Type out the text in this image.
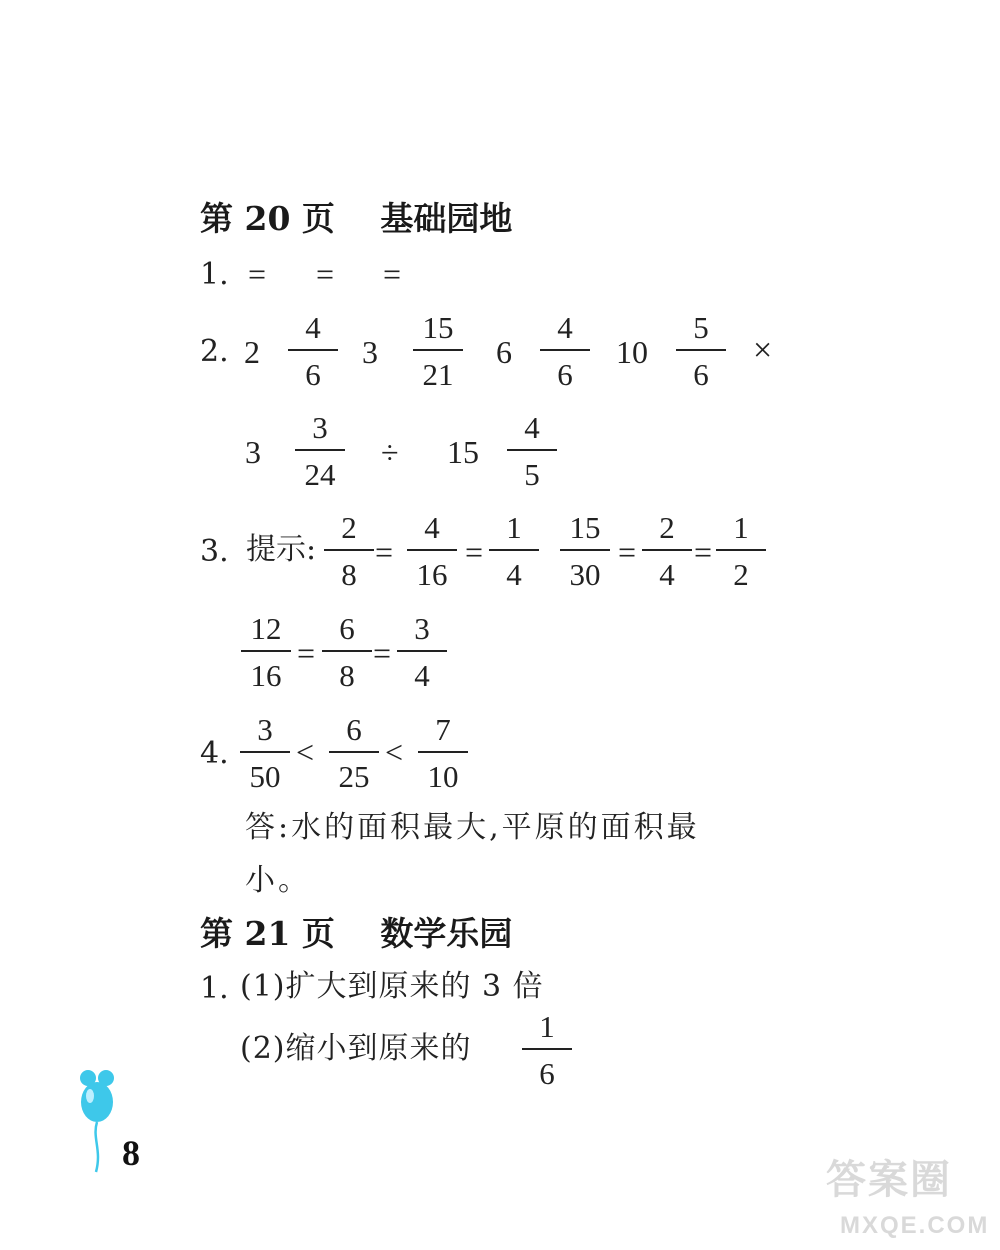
第 20 页 基础园地
1. = = =
2. 2
4
6
3
15
21
6
4
6
10
5
6
×
3
3
24
÷ 15
4
5
3. 提示:
2
8
=
4
16
=
1
4
15
30
=
2
4
=
1
2
12
16
=
6
8
=
3
4
4.
3
50
<
6
25
<
7
10
答:水的面积最大,平原的面积最
小。
第 21 页 数学乐园
1. (1)扩大到原来的 3 倍
(2)缩小到原来的
1
6
8
答案圈
MXQE.COM
